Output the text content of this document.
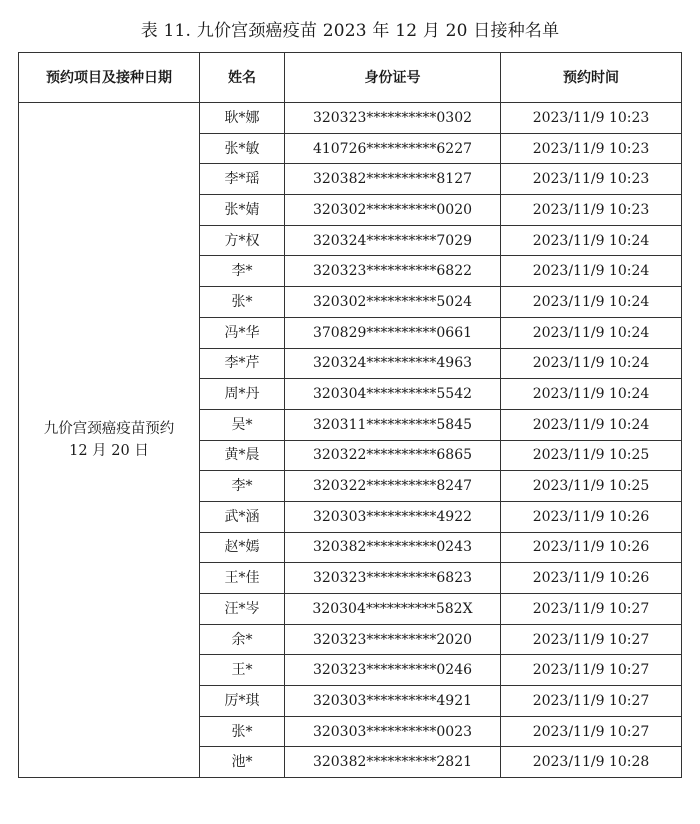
表 11. 九价宫颈癌疫苗 2023 年 12 月 20 日接种名单
预约项目及接种日期	姓名	身份证号	预约时间

九价宫颈癌疫苗预约
12 月 20 日	耿*娜	320323**********0302	2023/11/9 10:23
	张*敏	410726**********6227	2023/11/9 10:23
	李*瑶	320382**********8127	2023/11/9 10:23
	张*婧	320302**********0020	2023/11/9 10:23
	方*权	320324**********7029	2023/11/9 10:24
	李*	320323**********6822	2023/11/9 10:24
	张*	320302**********5024	2023/11/9 10:24
	冯*华	370829**********0661	2023/11/9 10:24
	李*芹	320324**********4963	2023/11/9 10:24
	周*丹	320304**********5542	2023/11/9 10:24
	吴*	320311**********5845	2023/11/9 10:24
	黄*晨	320322**********6865	2023/11/9 10:25
	李*	320322**********8247	2023/11/9 10:25
	武*涵	320303**********4922	2023/11/9 10:26
	赵*嫣	320382**********0243	2023/11/9 10:26
	王*佳	320323**********6823	2023/11/9 10:26
	汪*岑	320304**********582X	2023/11/9 10:27
	余*	320323**********2020	2023/11/9 10:27
	王*	320323**********0246	2023/11/9 10:27
	厉*琪	320303**********4921	2023/11/9 10:27
	张*	320303**********0023	2023/11/9 10:27
	池*	320382**********2821	2023/11/9 10:28
